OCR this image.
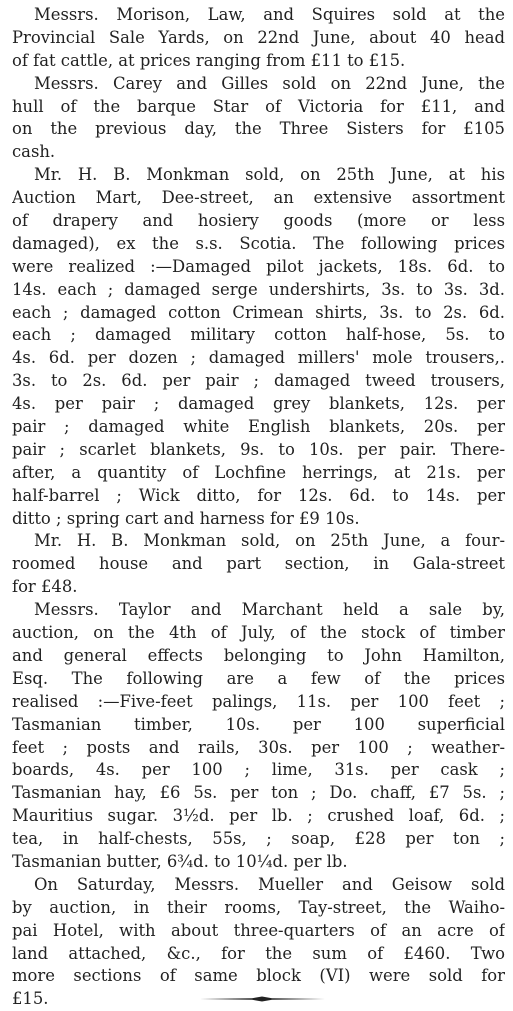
Messrs. Morison, Law, and Squires sold at the
Provincial Sale Yards, on 22nd June, about 40 head
of fat cattle, at prices ranging from £11 to £15.
Messrs. Carey and Gilles sold on 22nd June, the
hull of the barque Star of Victoria for £11, and
on the previous day, the Three Sisters for £105
cash.
Mr. H. B. Monkman sold, on 25th June, at his
Auction Mart, Dee-street, an extensive assortment
of drapery and hosiery goods (more or less
damaged), ex the s.s. Scotia. The following prices
were realized :—Damaged pilot jackets, 18s. 6d. to
14s. each ; damaged serge undershirts, 3s. to 3s. 3d.
each ; damaged cotton Crimean shirts, 3s. to 2s. 6d.
each ; damaged military cotton half-hose, 5s. to
4s. 6d. per dozen ; damaged millers' mole trousers,.
3s. to 2s. 6d. per pair ; damaged tweed trousers,
4s. per pair ; damaged grey blankets, 12s. per
pair ; damaged white English blankets, 20s. per
pair ; scarlet blankets, 9s. to 10s. per pair. There-
after, a quantity of Lochfine herrings, at 21s. per
half-barrel ; Wick ditto, for 12s. 6d. to 14s. per
ditto ; spring cart and harness for £9 10s.
Mr. H. B. Monkman sold, on 25th June, a four-
roomed house and part section, in Gala-street
for £48.
Messrs. Taylor and Marchant held a sale by,
auction, on the 4th of July, of the stock of timber
and general effects belonging to John Hamilton,
Esq. The following are a few of the prices
realised :—Five-feet palings, 11s. per 100 feet ;
Tasmanian timber, 10s. per 100 superficial
feet ; posts and rails, 30s. per 100 ; weather-
boards, 4s. per 100 ; lime, 31s. per cask ;
Tasmanian hay, £6 5s. per ton ; Do. chaff, £7 5s. ;
Mauritius sugar. 3½d. per lb. ; crushed loaf, 6d. ;
tea, in half-chests, 55s, ; soap, £28 per ton ;
Tasmanian butter, 6¾d. to 10¼d. per lb.
On Saturday, Messrs. Mueller and Geisow sold
by auction, in their rooms, Tay-street, the Waiho-
pai Hotel, with about three-quarters of an acre of
land attached, &c., for the sum of £460. Two
more sections of same block (VI) were sold for
£15.
